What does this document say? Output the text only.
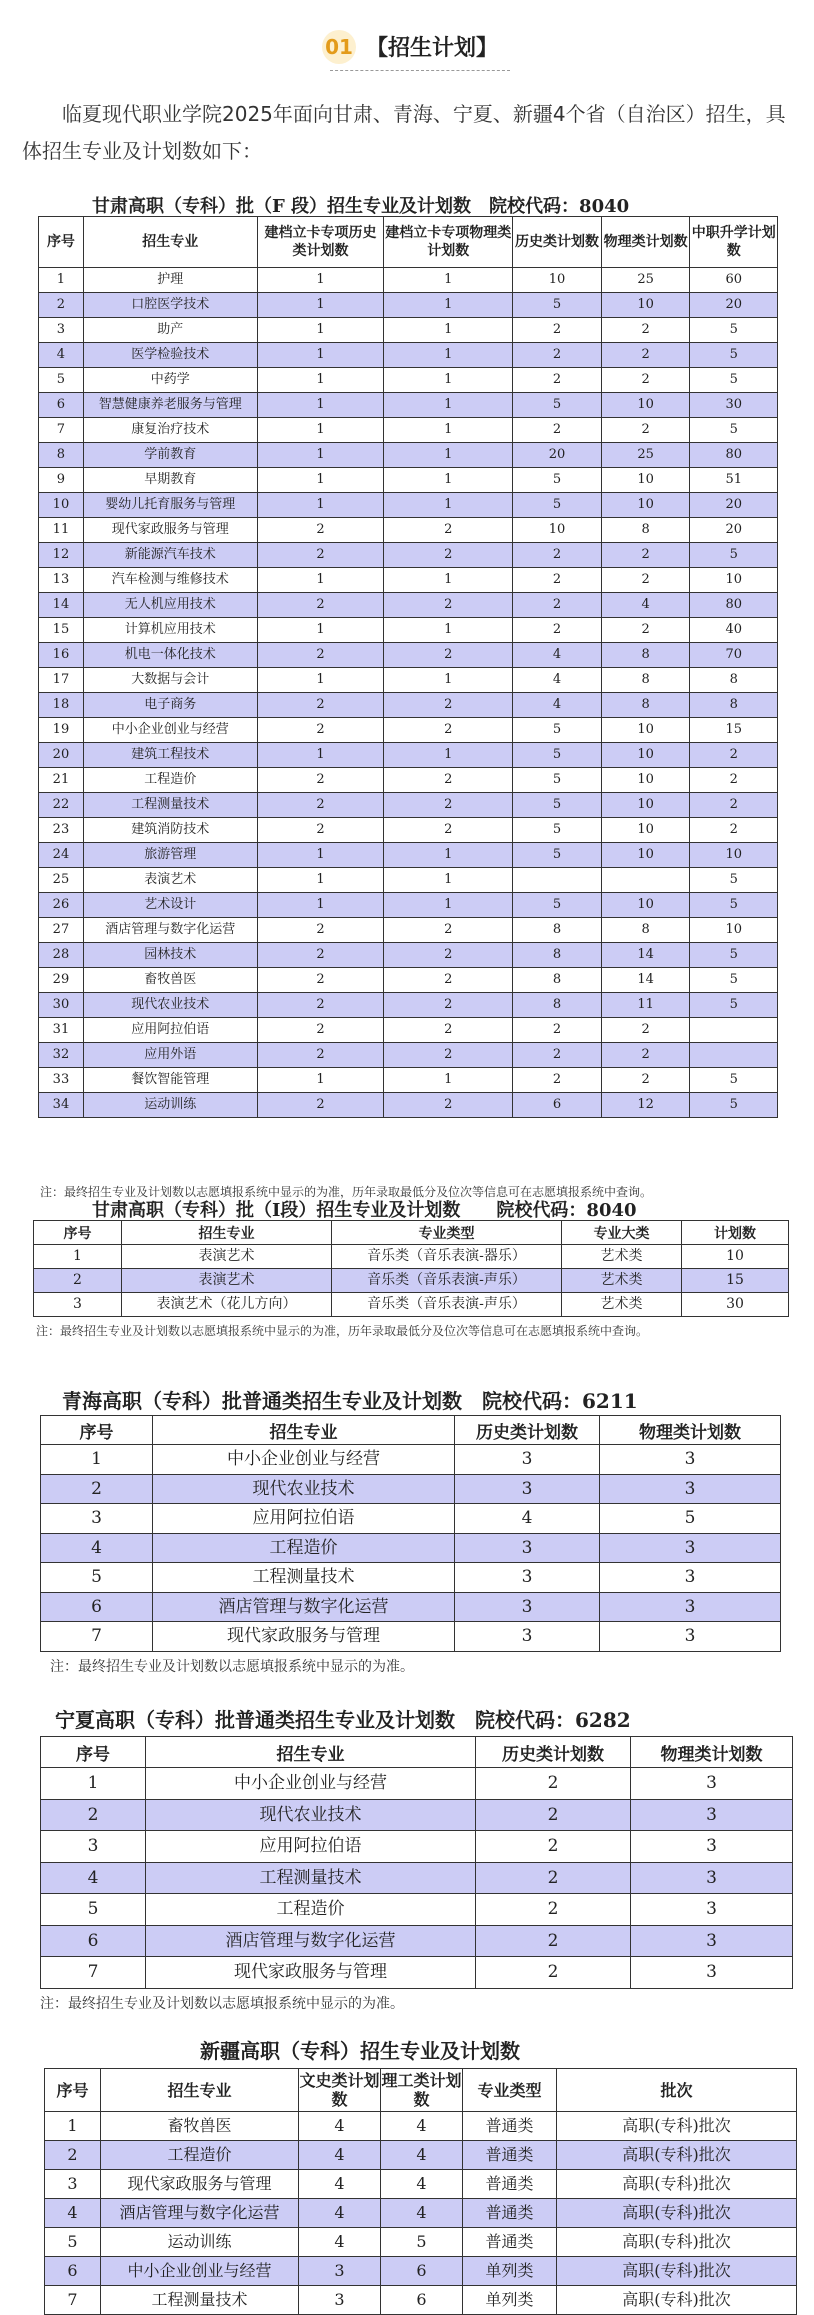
01 【招生计划】
临夏现代职业学院2025年面向甘肃、青海、宁夏、新疆4个省（自治区）招生，具体招生专业及计划数如下：
甘肃高职（专科）批（F 段）招生专业及计划数　院校代码：8040
序号	招生专业	建档立卡专项历史类计划数	建档立卡专项物理类计划数	历史类计划数	物理类计划数	中职升学计划数
1	护理	1	1	10	25	60
2	口腔医学技术	1	1	5	10	20
3	助产	1	1	2	2	5
4	医学检验技术	1	1	2	2	5
5	中药学	1	1	2	2	5
6	智慧健康养老服务与管理	1	1	5	10	30
7	康复治疗技术	1	1	2	2	5
8	学前教育	1	1	20	25	80
9	早期教育	1	1	5	10	51
10	婴幼儿托育服务与管理	1	1	5	10	20
11	现代家政服务与管理	2	2	10	8	20
12	新能源汽车技术	2	2	2	2	5
13	汽车检测与维修技术	1	1	2	2	10
14	无人机应用技术	2	2	2	4	80
15	计算机应用技术	1	1	2	2	40
16	机电一体化技术	2	2	4	8	70
17	大数据与会计	1	1	4	8	8
18	电子商务	2	2	4	8	8
19	中小企业创业与经营	2	2	5	10	15
20	建筑工程技术	1	1	5	10	2
21	工程造价	2	2	5	10	2
22	工程测量技术	2	2	5	10	2
23	建筑消防技术	2	2	5	10	2
24	旅游管理	1	1	5	10	10
25	表演艺术	1	1			5
26	艺术设计	1	1	5	10	5
27	酒店管理与数字化运营	2	2	8	8	10
28	园林技术	2	2	8	14	5
29	畜牧兽医	2	2	8	14	5
30	现代农业技术	2	2	8	11	5
31	应用阿拉伯语	2	2	2	2	
32	应用外语	2	2	2	2	
33	餐饮智能管理	1	1	2	2	5
34	运动训练	2	2	6	12	5
注：最终招生专业及计划数以志愿填报系统中显示的为准，历年录取最低分及位次等信息可在志愿填报系统中查询。
甘肃高职（专科）批（I段）招生专业及计划数　　院校代码：8040
序号	招生专业	专业类型	专业大类	计划数
1	表演艺术	音乐类（音乐表演-器乐）	艺术类	10
2	表演艺术	音乐类（音乐表演-声乐）	艺术类	15
3	表演艺术（花儿方向）	音乐类（音乐表演-声乐）	艺术类	30
注：最终招生专业及计划数以志愿填报系统中显示的为准，历年录取最低分及位次等信息可在志愿填报系统中查询。
青海高职（专科）批普通类招生专业及计划数　院校代码：6211
序号	招生专业	历史类计划数	物理类计划数
1	中小企业创业与经营	3	3
2	现代农业技术	3	3
3	应用阿拉伯语	4	5
4	工程造价	3	3
5	工程测量技术	3	3
6	酒店管理与数字化运营	3	3
7	现代家政服务与管理	3	3
注：最终招生专业及计划数以志愿填报系统中显示的为准。
宁夏高职（专科）批普通类招生专业及计划数　院校代码：6282
序号	招生专业	历史类计划数	物理类计划数
1	中小企业创业与经营	2	3
2	现代农业技术	2	3
3	应用阿拉伯语	2	3
4	工程测量技术	2	3
5	工程造价	2	3
6	酒店管理与数字化运营	2	3
7	现代家政服务与管理	2	3
注：最终招生专业及计划数以志愿填报系统中显示的为准。
新疆高职（专科）招生专业及计划数
序号	招生专业	文史类计划数	理工类计划数	专业类型	批次
1	畜牧兽医	4	4	普通类	高职(专科)批次
2	工程造价	4	4	普通类	高职(专科)批次
3	现代家政服务与管理	4	4	普通类	高职(专科)批次
4	酒店管理与数字化运营	4	4	普通类	高职(专科)批次
5	运动训练	4	5	普通类	高职(专科)批次
6	中小企业创业与经营	3	6	单列类	高职(专科)批次
7	工程测量技术	3	6	单列类	高职(专科)批次
